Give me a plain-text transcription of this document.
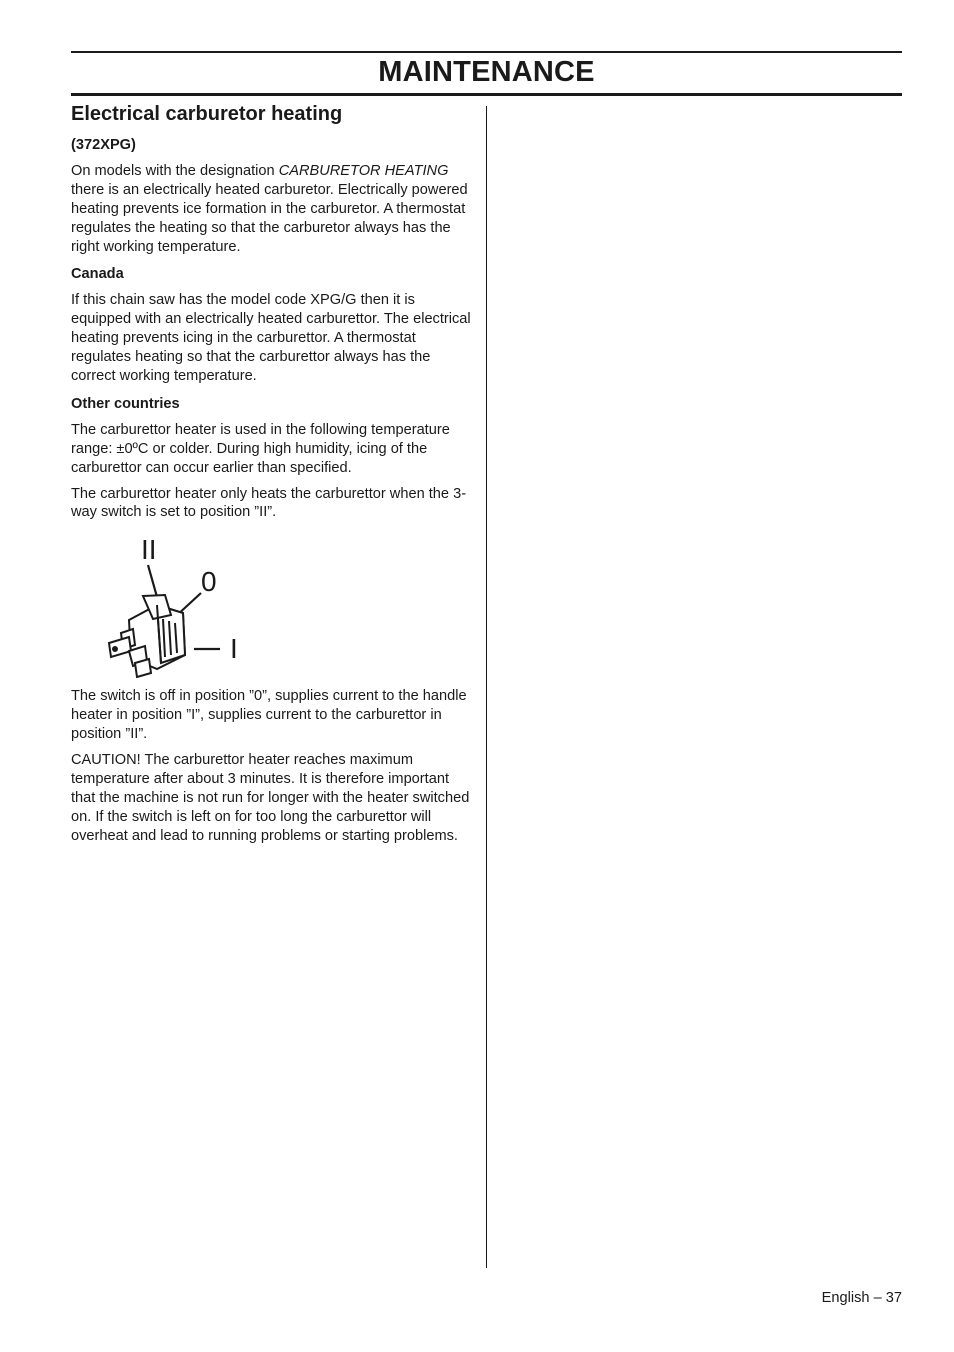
MAINTENANCE
Electrical carburetor heating
(372XPG)

On models with the designation CARBURETOR HEATING there is an electrically heated carburetor. Electrically powered heating prevents ice formation in the carburetor. A thermostat regulates the heating so that the carburetor always has the right working temperature.

Canada

If this chain saw has the model code XPG/G then it is equipped with an electrically heated carburettor. The electrical heating prevents icing in the carburettor. A thermostat regulates heating so that the carburettor always has the correct working temperature.

Other countries

The carburettor heater is used in the following temperature range: ±0ºC or colder. During high humidity, icing of the carburettor can occur earlier than specified.

The carburettor heater only heats the carburettor when the 3-way switch is set to position ”II”.

II
0
I

The switch is off in position ”0”, supplies current to the handle heater in position ”I”, supplies current to the carburettor in position ”II”.

CAUTION! The carburettor heater reaches maximum temperature after about 3 minutes. It is therefore important that the machine is not run for longer with the heater switched on. If the switch is left on for too long the carburettor will overheat and lead to running problems or starting problems.

English – 37
